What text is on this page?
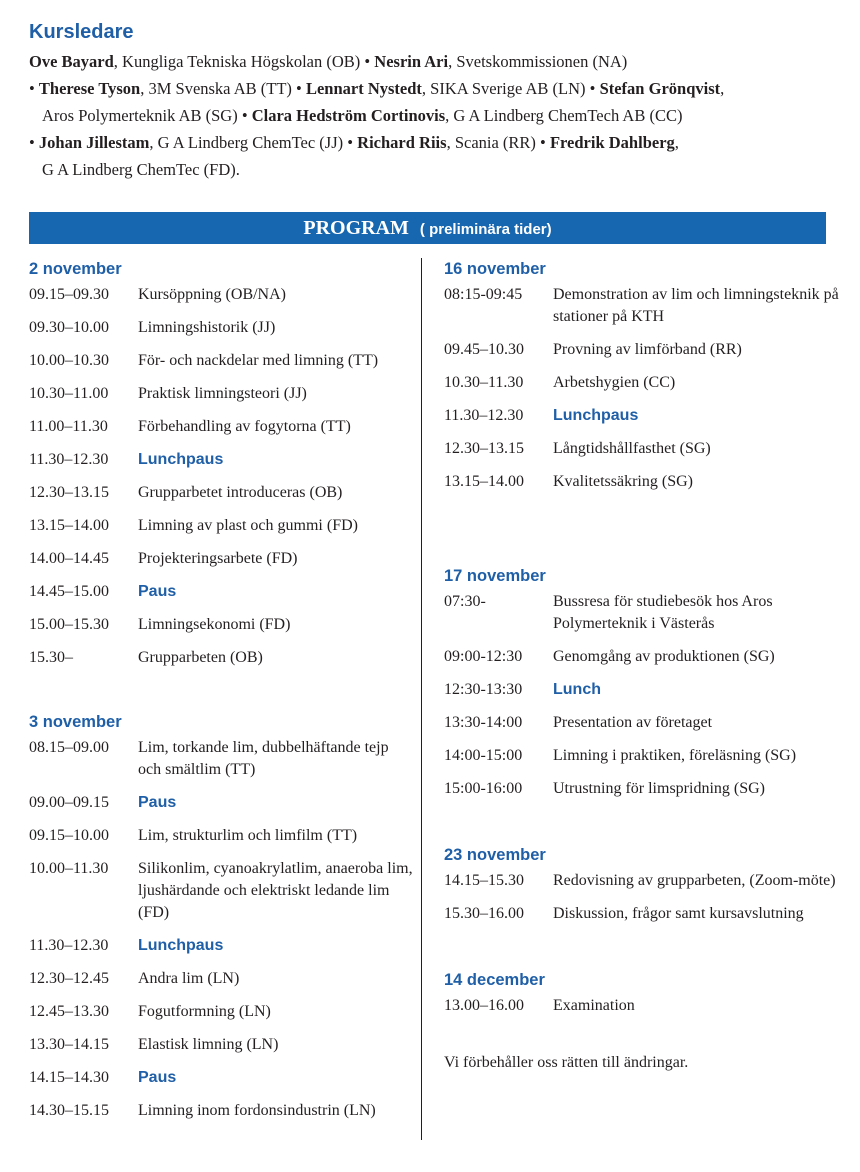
Kursledare
Ove Bayard, Kungliga Tekniska Högskolan (OB) • Nesrin Ari, Svetskommissionen (NA)
• Therese Tyson, 3M Svenska AB (TT) • Lennart Nystedt, SIKA Sverige AB (LN) • Stefan Grönqvist,
Aros Polymerteknik AB (SG) • Clara Hedström Cortinovis, G A Lindberg ChemTech AB (CC)
• Johan Jillestam, G A Lindberg ChemTec (JJ) • Richard Riis, Scania (RR) • Fredrik Dahlberg,
G A Lindberg ChemTec (FD).
PROGRAM ( preliminära tider)
2 november
09.15–09.30	Kursöppning (OB/NA)
09.30–10.00	Limningshistorik (JJ)
10.00–10.30	För- och nackdelar med limning (TT)
10.30–11.00	Praktisk limningsteori (JJ)
11.00–11.30	Förbehandling av fogytorna (TT)
11.30–12.30	Lunchpaus
12.30–13.15	Grupparbetet introduceras (OB)
13.15–14.00	Limning av plast och gummi (FD)
14.00–14.45	Projekteringsarbete (FD)
14.45–15.00	Paus
15.00–15.30	Limningsekonomi (FD)
15.30–	Grupparbeten (OB)
3 november
08.15–09.00	Lim, torkande lim, dubbelhäftande tejp och smältlim (TT)
09.00–09.15	Paus
09.15–10.00	Lim, strukturlim och limfilm (TT)
10.00–11.30	Silikonlim, cyanoakrylatlim, anaeroba lim, ljushärdande och elektriskt ledande lim (FD)
11.30–12.30	Lunchpaus
12.30–12.45	Andra lim (LN)
12.45–13.30	Fogutformning (LN)
13.30–14.15	Elastisk limning (LN)
14.15–14.30	Paus
14.30–15.15	Limning inom fordonsindustrin (LN)
16 november
08:15-09:45	Demonstration av lim och limningsteknik på stationer på KTH
09.45–10.30	Provning av limförband (RR)
10.30–11.30	Arbetshygien (CC)
11.30–12.30	Lunchpaus
12.30–13.15	Långtidshållfasthet (SG)
13.15–14.00	Kvalitetssäkring (SG)
17 november
07:30-	Bussresa för studiebesök hos Aros Polymerteknik i Västerås
09:00-12:30	Genomgång av produktionen (SG)
12:30-13:30	Lunch
13:30-14:00	Presentation av företaget
14:00-15:00	Limning i praktiken, föreläsning (SG)
15:00-16:00	Utrustning för limspridning (SG)
23 november
14.15–15.30	Redovisning av grupparbeten, (Zoom-möte)
15.30–16.00	Diskussion, frågor samt kursavslutning
14 december
13.00–16.00	Examination
Vi förbehåller oss rätten till ändringar.
